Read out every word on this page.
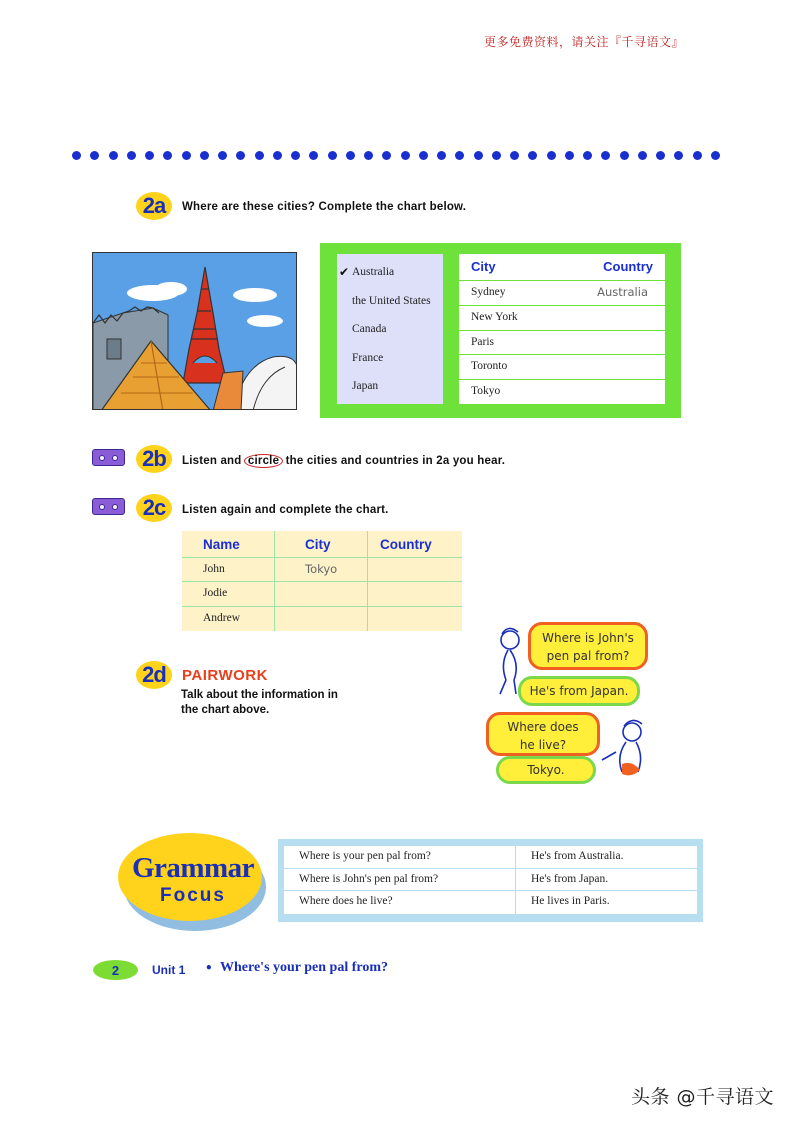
更多免费资料，请关注『千寻语文』
2a	Where are these cities? Complete the chart below.
✔ Australia
the United States
Canada
France
Japan
City	Country
Sydney	Australia
New York
Paris
Toronto
Tokyo
2b	Listen and circle the cities and countries in 2a you hear.
2c	Listen again and complete the chart.
Name	City	Country
John	Tokyo
Jodie
Andrew
2d	PAIRWORK
Talk about the information in
the chart above.
Where is John's
pen pal from?
He's from Japan.
Where does
he live?
Tokyo.
Where is your pen pal from?	He's from Australia.
Where is John's pen pal from?	He's from Japan.
Where does he live?	He lives in Paris.
Grammar
Focus
2	Unit 1 • Where's your pen pal from?
头条 @千寻语文
